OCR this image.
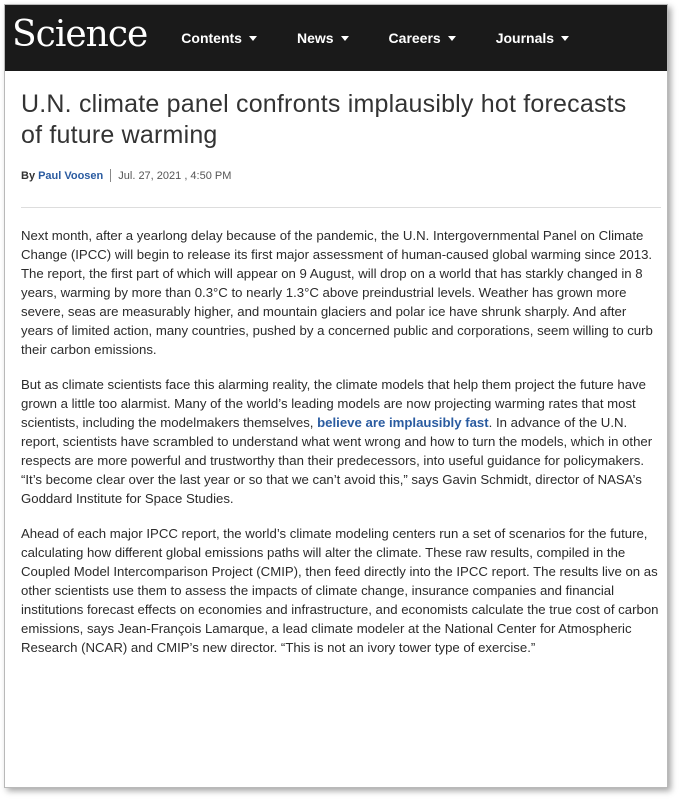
Science Contents	News	Careers	Journals
U.N. climate panel confronts implausibly hot forecasts of future warming
By Paul Voosen Jul. 27, 2021 , 4:50 PM

Next month, after a yearlong delay because of the pandemic, the U.N. Intergovernmental Panel on Climate Change (IPCC) will begin to release its first major assessment of human-caused global warming since 2013. The report, the first part of which will appear on 9 August, will drop on a world that has starkly changed in 8 years, warming by more than 0.3°C to nearly 1.3°C above preindustrial levels. Weather has grown more severe, seas are measurably higher, and mountain glaciers and polar ice have shrunk sharply. And after years of limited action, many countries, pushed by a concerned public and corporations, seem willing to curb their carbon emissions.

But as climate scientists face this alarming reality, the climate models that help them project the future have grown a little too alarmist. Many of the world’s leading models are now projecting warming rates that most scientists, including the modelmakers themselves, believe are implausibly fast. In advance of the U.N. report, scientists have scrambled to understand what went wrong and how to turn the models, which in other respects are more powerful and trustworthy than their predecessors, into useful guidance for policymakers. “It’s become clear over the last year or so that we can’t avoid this,” says Gavin Schmidt, director of NASA’s Goddard Institute for Space Studies.

Ahead of each major IPCC report, the world’s climate modeling centers run a set of scenarios for the future, calculating how different global emissions paths will alter the climate. These raw results, compiled in the Coupled Model Intercomparison Project (CMIP), then feed directly into the IPCC report. The results live on as other scientists use them to assess the impacts of climate change, insurance companies and financial institutions forecast effects on economies and infrastructure, and economists calculate the true cost of carbon emissions, says Jean-François Lamarque, a lead climate modeler at the National Center for Atmospheric Research (NCAR) and CMIP’s new director. “This is not an ivory tower type of exercise.”
